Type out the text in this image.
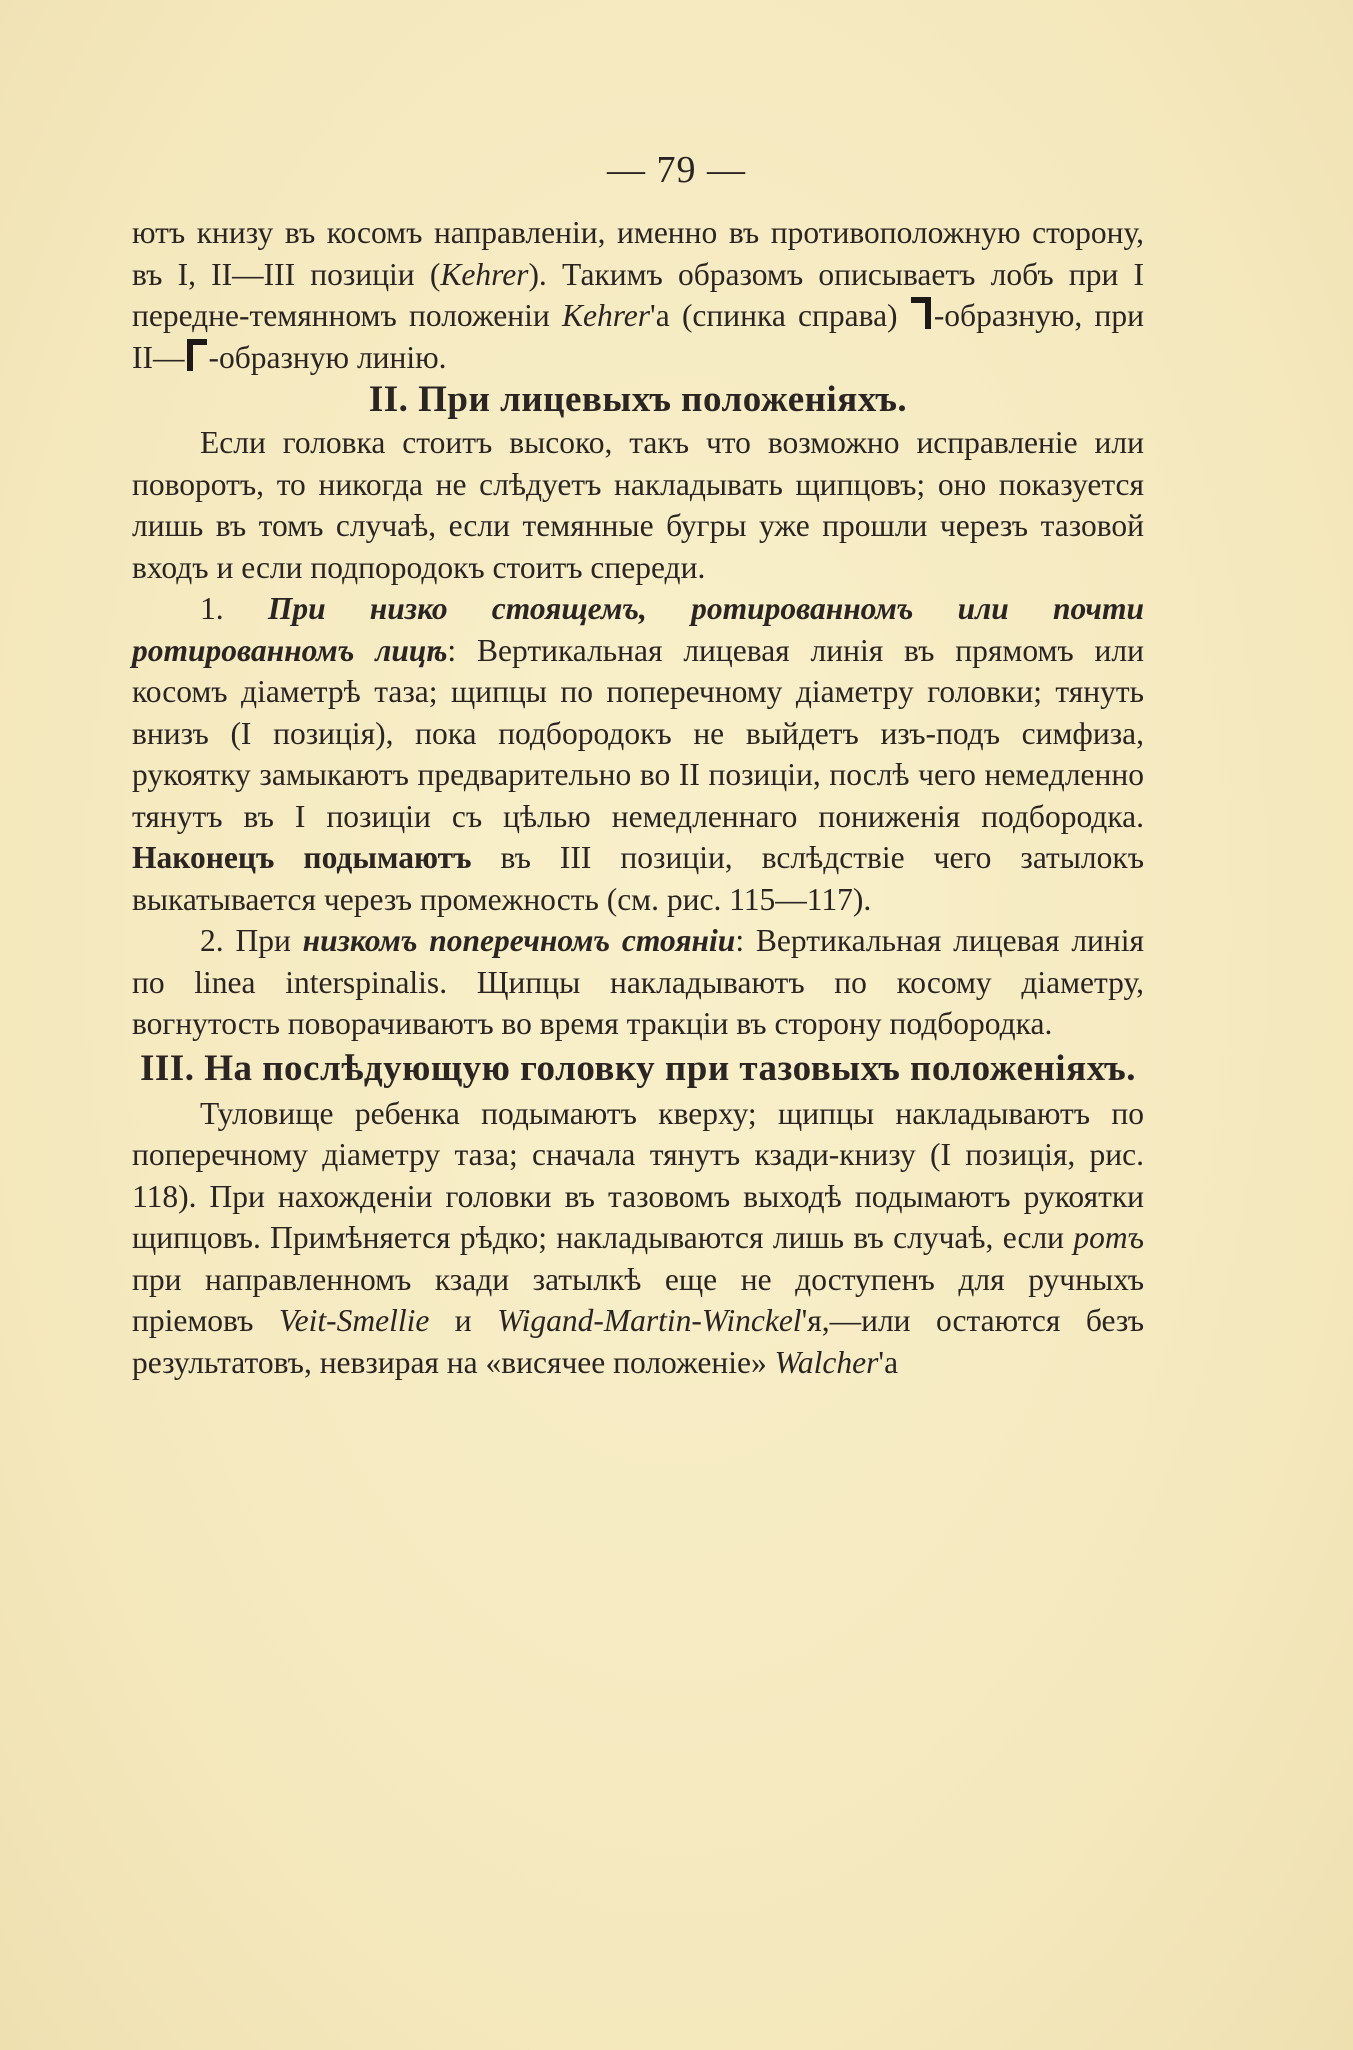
— 79 —

ютъ книзу въ косомъ направленіи, именно въ противоположную сторону, въ I, II—III позиціи (Kehrer). Такимъ образомъ описываетъ лобъ при I передне-темянномъ положеніи Kehrer'а (спинка справа)
-образную, при II— -образную линію.

II. При лицевыхъ положеніяхъ.

Если головка стоитъ высоко, такъ что возможно исправленіе или поворотъ, то никогда не слѣдуетъ накладывать щипцовъ; оно показуется лишь въ томъ случаѣ, если темянные бугры уже прошли черезъ тазовой входъ и если подпородокъ стоитъ спереди.

1. При низко стоящемъ, ротированномъ или почти ротированномъ лицѣ: Вертикальная лицевая линія въ прямомъ или косомъ діаметрѣ таза; щипцы по поперечному діаметру головки; тянуть внизъ (I позиція), пока подбородокъ не выйдетъ изъ-подъ симфиза, рукоятку замыкаютъ предварительно во II позиціи, послѣ чего немедленно тянутъ въ I позиціи съ цѣлью немедленнаго пониженія подбородка. Наконецъ подымаютъ въ III позиціи, вслѣдствіе чего затылокъ выкатывается черезъ промежность (см. рис. 115—117).

2. При низкомъ поперечномъ стояніи: Вертикальная лицевая линія по linea interspinalis. Щипцы накладываютъ по косому діаметру, вогнутость поворачиваютъ во время тракціи въ сторону подбородка.

III. На послѣдующую головку при тазовыхъ положеніяхъ.

Туловище ребенка подымаютъ кверху; щипцы накладываютъ по поперечному діаметру таза; сначала тянутъ кзади-книзу (I позиція, рис. 118). При нахожденіи головки въ тазовомъ выходѣ подымаютъ рукоятки щипцовъ. Примѣняется рѣдко; накладываются лишь въ случаѣ, если ротъ при направленномъ кзади затылкѣ еще не доступенъ для ручныхъ пріемовъ Veit-Smellie и Wigand-Martin-Winckel'я,—или остаются безъ результатовъ, невзирая на «висячее положеніе» Walcher'а
